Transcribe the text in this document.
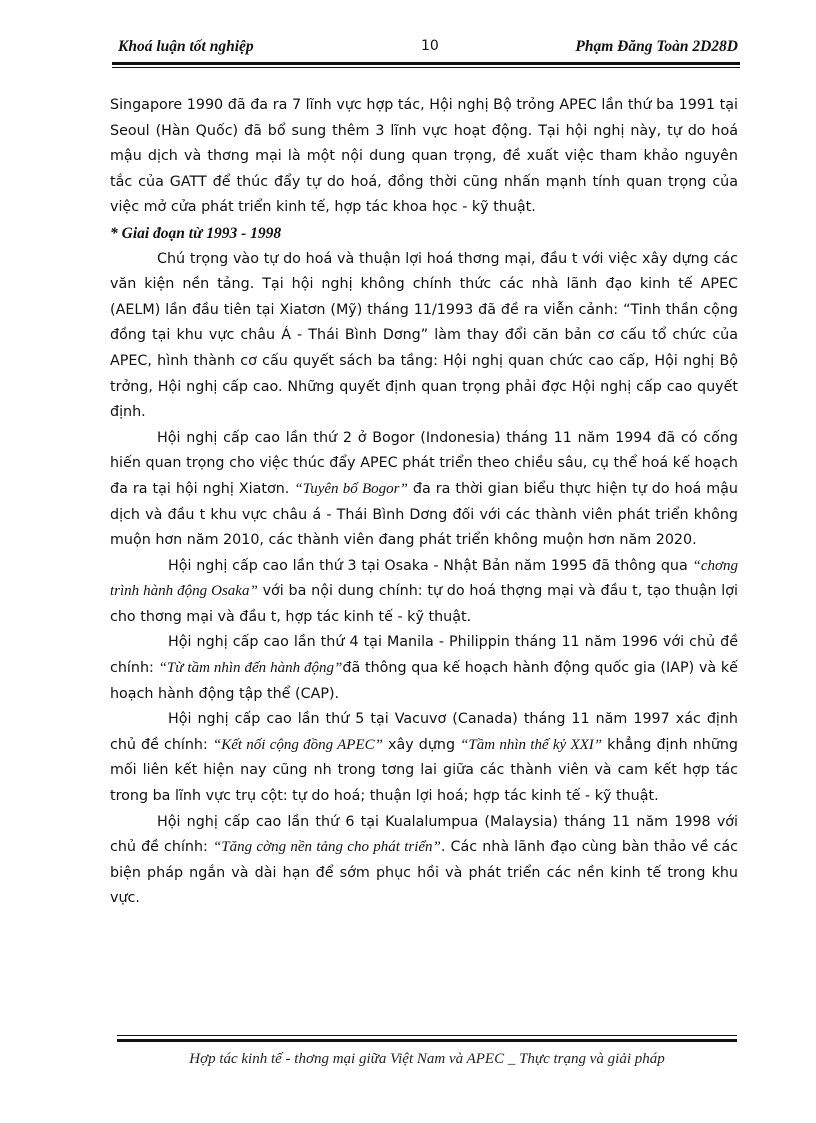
Khoá luận tốt nghiệp	10	Phạm Đăng Toàn 2D28D

Singapore 1990 đã đa ra 7 lĩnh vực hợp tác, Hội nghị Bộ trỏng APEC lần thứ ba 1991 tại Seoul (Hàn Quốc) đã bổ sung thêm 3 lĩnh vực hoạt động. Tại hội nghị này, tự do hoá mậu dịch và thơng mại là một nội dung quan trọng, đề xuất việc tham khảo nguyên tắc của GATT để thúc đẩy tự do hoá, đồng thời cũng nhấn mạnh tính quan trọng của việc mở cửa phát triển kinh tế, hợp tác khoa học - kỹ thuật.

* Giai đoạn từ 1993 - 1998

Chú trọng vào tự do hoá và thuận lợi hoá thơng mại, đầu t với việc xây dựng các văn kiện nền tảng. Tại hội nghị không chính thức các nhà lãnh đạo kinh tế APEC (AELM) lần đầu tiên tại Xiatơn (Mỹ) tháng 11/1993 đã đề ra viễn cảnh: “Tinh thần cộng đồng tại khu vực châu Á - Thái Bình Dơng” làm thay đổi căn bản cơ cấu tổ chức của APEC, hình thành cơ cấu quyết sách ba tầng: Hội nghị quan chức cao cấp, Hội nghị Bộ trởng, Hội nghị cấp cao. Những quyết định quan trọng phải đợc Hội nghị cấp cao quyết định.

Hội nghị cấp cao lần thứ 2 ở Bogor (Indonesia) tháng 11 năm 1994 đã có cống hiến quan trọng cho việc thúc đẩy APEC phát triển theo chiều sâu, cụ thể hoá kế hoạch đa ra tại hội nghị Xiatơn. “Tuyên bố Bogor” đa ra thời gian biểu thực hiện tự do hoá mậu dịch và đầu t khu vực châu á - Thái Bình Dơng đối với các thành viên phát triển không muộn hơn năm 2010, các thành viên đang phát triển không muộn hơn năm 2020.

Hội nghị cấp cao lần thứ 3 tại Osaka - Nhật Bản năm 1995 đã thông qua “chơng trình hành động Osaka” với ba nội dung chính: tự do hoá thợng mại và đầu t, tạo thuận lợi cho thơng mại và đầu t, hợp tác kinh tế - kỹ thuật.

Hội nghị cấp cao lần thứ 4 tại Manila - Philippin tháng 11 năm 1996 với chủ đề chính: “Từ tầm nhìn đến hành động”đã thông qua kế hoạch hành động quốc gia (IAP) và kế hoạch hành động tập thể (CAP).

Hội nghị cấp cao lần thứ 5 tại Vacuvơ (Canada) tháng 11 năm 1997 xác định chủ đề chính: “Kết nối cộng đồng APEC” xây dựng “Tầm nhìn thế kỷ XXI” khẳng định những mối liên kết hiện nay cũng nh trong tơng lai giữa các thành viên và cam kết hợp tác trong ba lĩnh vực trụ cột: tự do hoá; thuận lợi hoá; hợp tác kinh tế - kỹ thuật.

Hội nghị cấp cao lần thứ 6 tại Kualalumpua (Malaysia) tháng 11 năm 1998 với chủ đề chính: “Tăng cờng nền tảng cho phát triển”. Các nhà lãnh đạo cùng bàn thảo về các biện pháp ngắn và dài hạn để sớm phục hồi và phát triển các nền kinh tế trong khu vực.

Hợp tác kinh tế - thơng mại giữa Việt Nam và APEC _ Thực trạng và giải pháp
